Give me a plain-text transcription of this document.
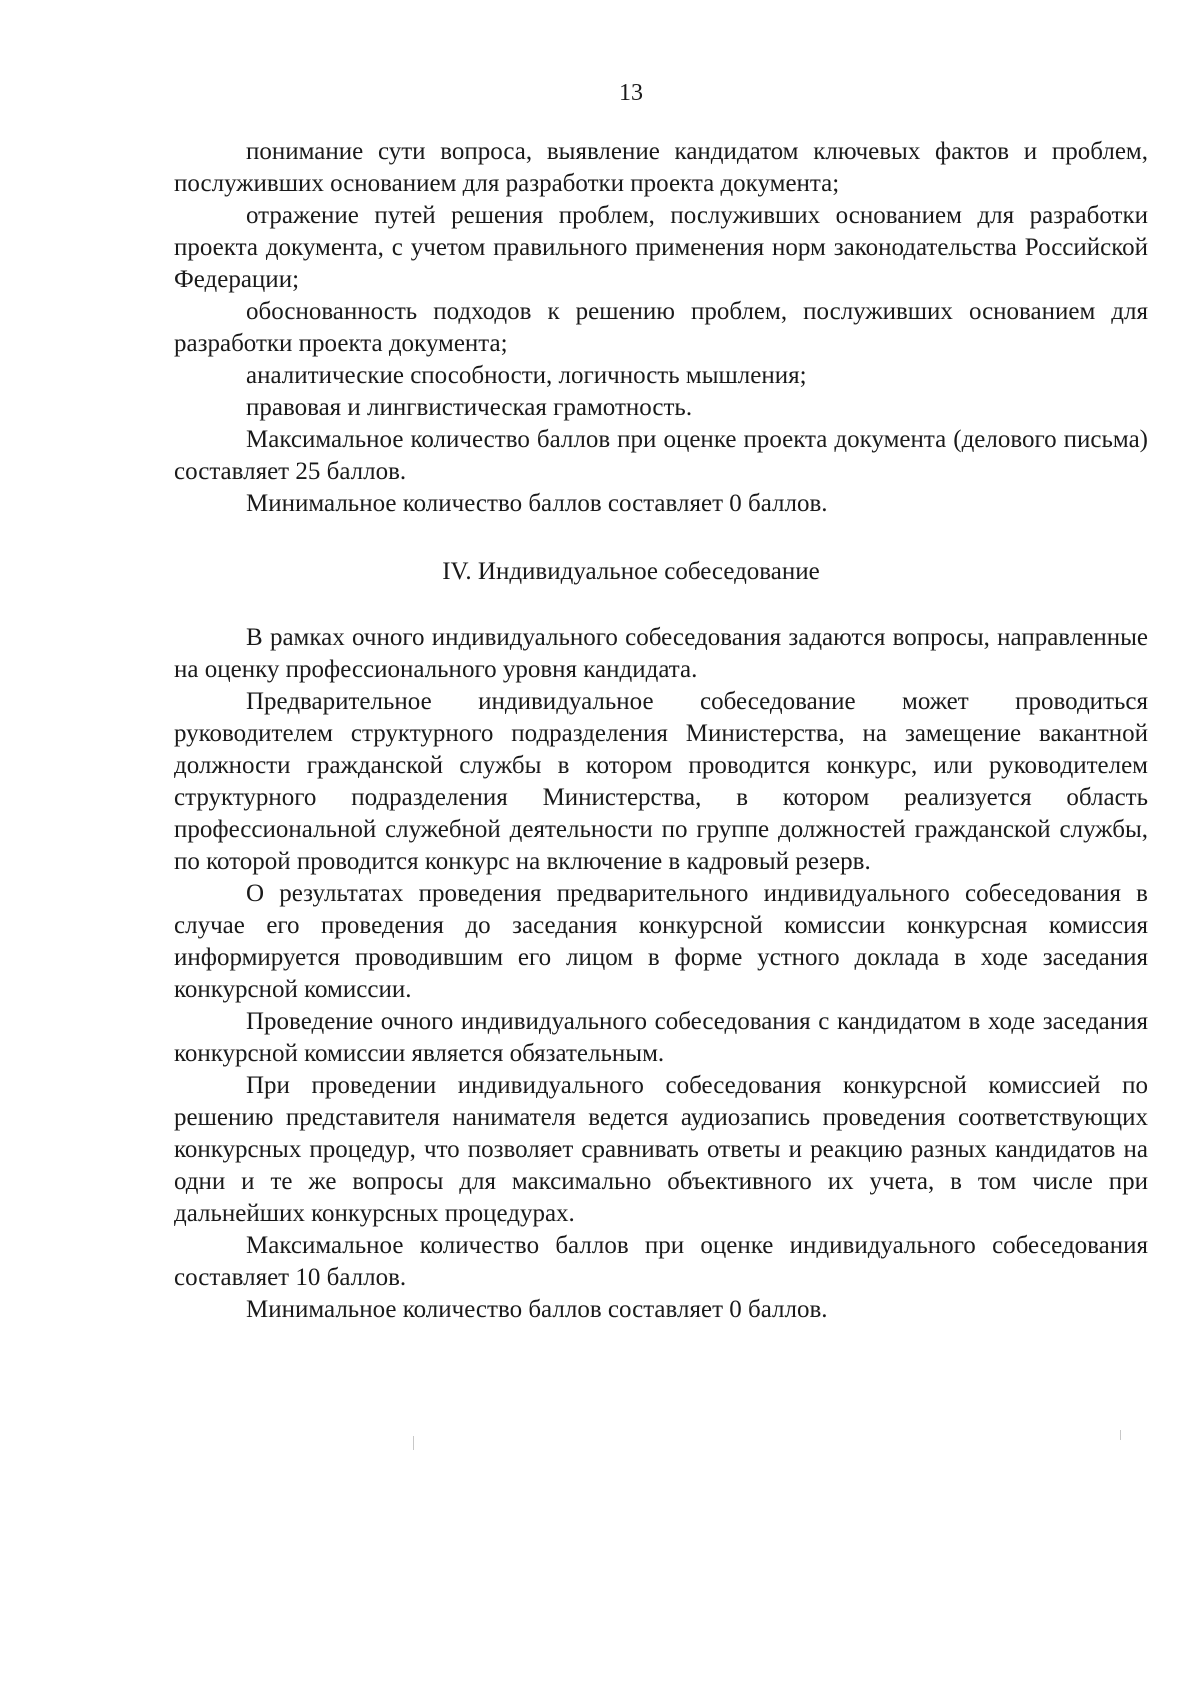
13

понимание сути вопроса, выявление кандидатом ключевых фактов и проблем, послуживших основанием для разработки проекта документа;

отражение путей решения проблем, послуживших основанием для разработки проекта документа, с учетом правильного применения норм законодательства Российской Федерации;

обоснованность подходов к решению проблем, послуживших основанием для разработки проекта документа;

аналитические способности, логичность мышления;

правовая и лингвистическая грамотность.

Максимальное количество баллов при оценке проекта документа (делового письма) составляет 25 баллов.

Минимальное количество баллов составляет 0 баллов.

IV. Индивидуальное собеседование

В рамках очного индивидуального собеседования задаются вопросы, направленные на оценку профессионального уровня кандидата.

Предварительное индивидуальное собеседование может проводиться руководителем структурного подразделения Министерства, на замещение вакантной должности гражданской службы в котором проводится конкурс, или руководителем структурного подразделения Министерства, в котором реализуется область профессиональной служебной деятельности по группе должностей гражданской службы, по которой проводится конкурс на включение в кадровый резерв.

О результатах проведения предварительного индивидуального собеседования в случае его проведения до заседания конкурсной комиссии конкурсная комиссия информируется проводившим его лицом в форме устного доклада в ходе заседания конкурсной комиссии.

Проведение очного индивидуального собеседования с кандидатом в ходе заседания конкурсной комиссии является обязательным.

При проведении индивидуального собеседования конкурсной комиссией по решению представителя нанимателя ведется аудиозапись проведения соответствующих конкурсных процедур, что позволяет сравнивать ответы и реакцию разных кандидатов на одни и те же вопросы для максимально объективного их учета, в том числе при дальнейших конкурсных процедурах.

Максимальное количество баллов при оценке индивидуального собеседования составляет 10 баллов.

Минимальное количество баллов составляет 0 баллов.
